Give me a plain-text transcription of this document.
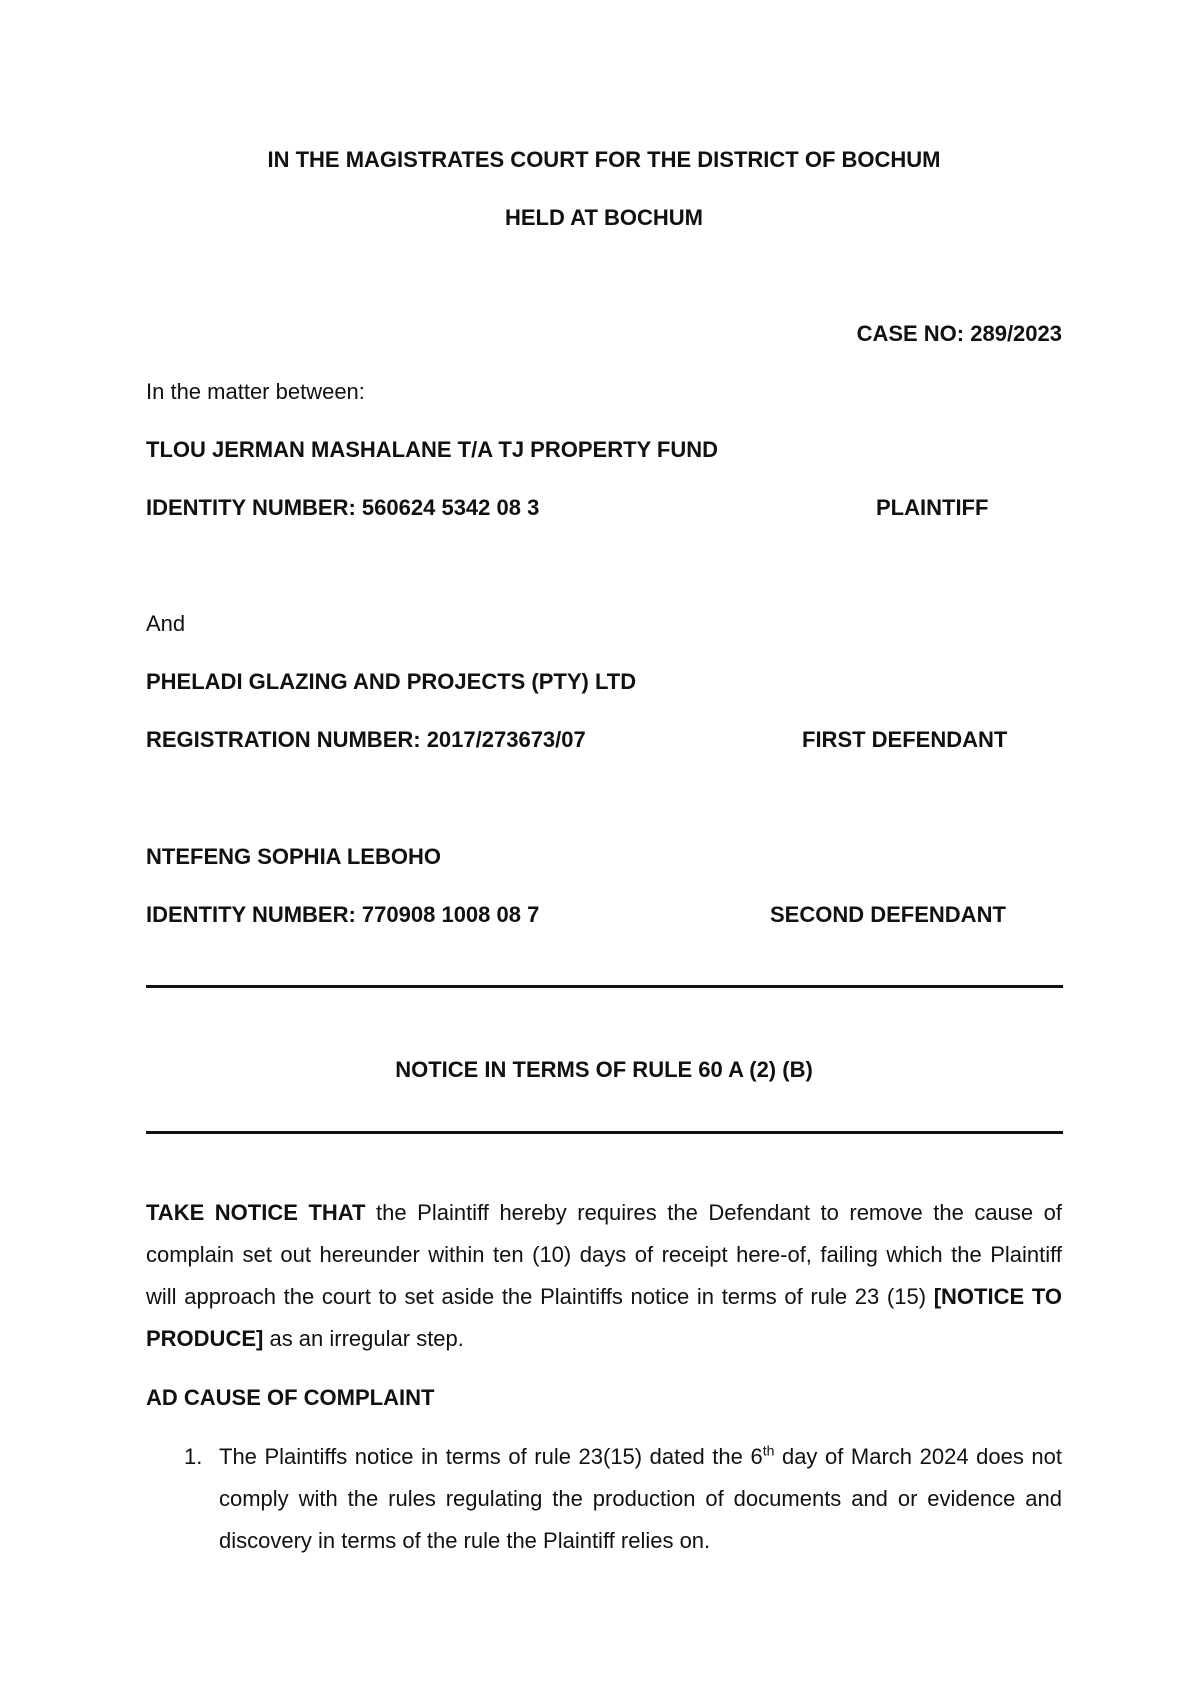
IN THE MAGISTRATES COURT FOR THE DISTRICT OF BOCHUM
HELD AT BOCHUM
CASE NO: 289/2023
In the matter between:
TLOU JERMAN MASHALANE T/A TJ PROPERTY FUND
IDENTITY NUMBER: 560624 5342 08 3	PLAINTIFF
And
PHELADI GLAZING AND PROJECTS (PTY) LTD
REGISTRATION NUMBER: 2017/273673/07	FIRST DEFENDANT
NTEFENG SOPHIA LEBOHO
IDENTITY NUMBER: 770908 1008 08 7	SECOND DEFENDANT
NOTICE IN TERMS OF RULE 60 A (2) (B)
TAKE NOTICE THAT the Plaintiff hereby requires the Defendant to remove the cause of complain set out hereunder within ten (10) days of receipt here-of, failing which the Plaintiff will approach the court to set aside the Plaintiffs notice in terms of rule 23 (15) [NOTICE TO PRODUCE] as an irregular step.
AD CAUSE OF COMPLAINT
1. The Plaintiffs notice in terms of rule 23(15) dated the 6th day of March 2024 does not comply with the rules regulating the production of documents and or evidence and discovery in terms of the rule the Plaintiff relies on.
